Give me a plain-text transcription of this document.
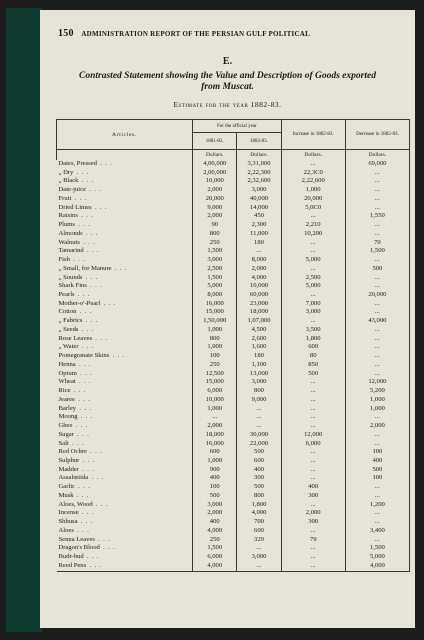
150 ADMINISTRATION REPORT OF THE PERSIAN GULF POLITICAL
E.
Contrasted Statement showing the Value and Description of Goods exported
from Muscat.
Estimate for the year 1882-83.
Articles.	For the official year		Increase in 1882-83.	Decrease in 1882-83.
	1881-82.	1882-83.		
	Dollars.	Dollars.	Dollars.	Dollars.
Dates, Pressed  .  .  .	4,00,000	3,31,000	...	69,000
„ Dry  .  .  .	2,00,000	2,22,300	22,3C0	...
„ Black  .  .  .	10,000	2,32,600	2,22,600	...
Date-juice  .  .  .	2,000	3,000	1,000	...
Fruit  .  .  .	20,000	40,000	20,000	...
Dried Limes  .  .  .	9,000	14,000	5,0C0	...
Raisins  .  .  .	2,000	450	...	1,550
Plums  .  .  .	90	2,300	2,210	...
Almonds  .  .  .	800	11,000	10,200	...
Walnuts  .  .  .	250	180	...	70
Tamarind  .  .  .	1,500	...	...	1,500
Fish  .  .  .	3,000	8,000	5,000	...
„ Small, for Manure  .  .  .	2,500	2,000	...	500
„ Sounds  .  .  .	1,500	4,000	2,500	...
Shark Fins  .  .  .	5,000	10,000	5,000	...
Pearls  .  .  .	8,000	60,000	...	20,000
Mother-o'-Pearl  .  .  .	16,000	23,000	7,000	...
Cotton  .  .  .	15,000	18,000	3,000	...
„ Fabrics  .  .  .	1,50,000	1,07,000	...	43,000
„ Seeds  .  .  .	1,000	4,500	3,500	...
Rose Leaves  .  .  .	800	2,600	1,800	...
„ Water  .  .  .	1,000	1,600	600	...
Pomegranate Skins  .  .  .	100	180	80	...
Henna  .  .  .	250	1,100	850	...
Opium  .  .  .	12,500	13,000	500	...
Wheat  .  .  .	15,000	3,000	...	12,000
Rice  .  .  .	6,000	800	...	5,200
Jearee  .  .  .	10,000	9,000	...	1,000
Barley  .  .  .	1,000	...	...	1,000
Moong  .  .  .	...	...	...	...
Ghee  .  .  .	2,000	...	...	2,000
Sugar  .  .  .	18,000	30,000	12,000	...
Salt  .  .  .	16,000	22,000	6,000	...
Red Ochre  .  .  .	600	500	...	100
Sulphur  .  .  .	1,000	600	...	400
Madder  .  .  .	900	400	...	500
Assafœtida  .  .  .	400	300	...	100
Garlic  .  .  .	100	500	400	...
Musk  .  .  .	500	800	300	...
Aloes, Wood  .  .  .	3,000	1,800	...	1,200
Incense  .  .  .	2,000	4,000	2,000	...
Shhusa  .  .  .	400	700	300	...
Aloes  .  .  .	4,000	600	...	3,400
Senna Leaves  .  .  .	250	329	79	...
Dragon's Blood  .  .  .	1,500	...	...	1,500
Budr-bud  .  .  .	6,000	3,000	...	5,000
Reed Pens  .  .  .	4,000	...	...	4,000
